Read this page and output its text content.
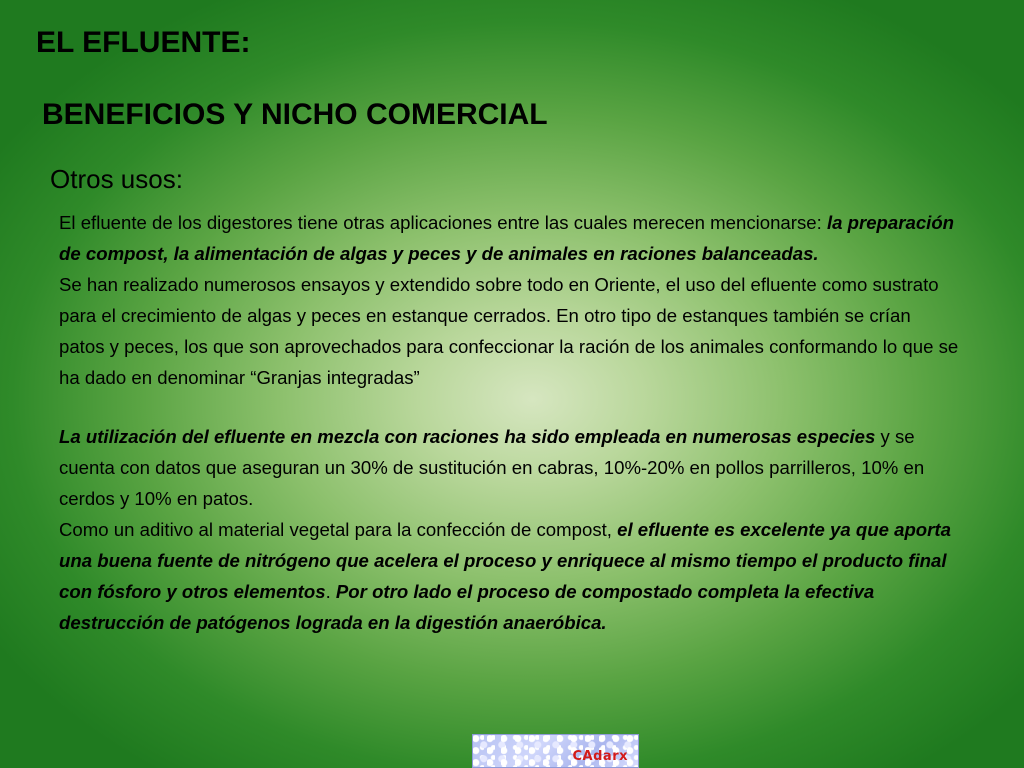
EL EFLUENTE:
BENEFICIOS Y NICHO COMERCIAL
Otros usos:

El efluente de los digestores tiene otras aplicaciones entre las cuales merecen mencionarse: la preparación de compost, la alimentación de algas y peces y de animales en raciones balanceadas.

Se han realizado numerosos ensayos y extendido sobre todo en Oriente, el uso del efluente como sustrato para el crecimiento de algas y peces en estanque cerrados. En otro tipo de estanques también se crían patos y peces, los que son aprovechados para confeccionar la ración de los animales conformando lo que se ha dado en denominar “Granjas integradas”

La utilización del efluente en mezcla con raciones ha sido empleada en numerosas especies y se cuenta con datos que aseguran un 30% de sustitución en cabras, 10%-20% en pollos parrilleros, 10% en cerdos y 10% en patos.

Como un aditivo al material vegetal para la confección de compost, el efluente es excelente ya que aporta una buena fuente de nitrógeno que acelera el proceso y enriquece al mismo tiempo el producto final con fósforo y otros elementos. Por otro lado el proceso de compostado completa la efectiva destrucción de patógenos lograda en la digestión anaeróbica.

CAdarx
